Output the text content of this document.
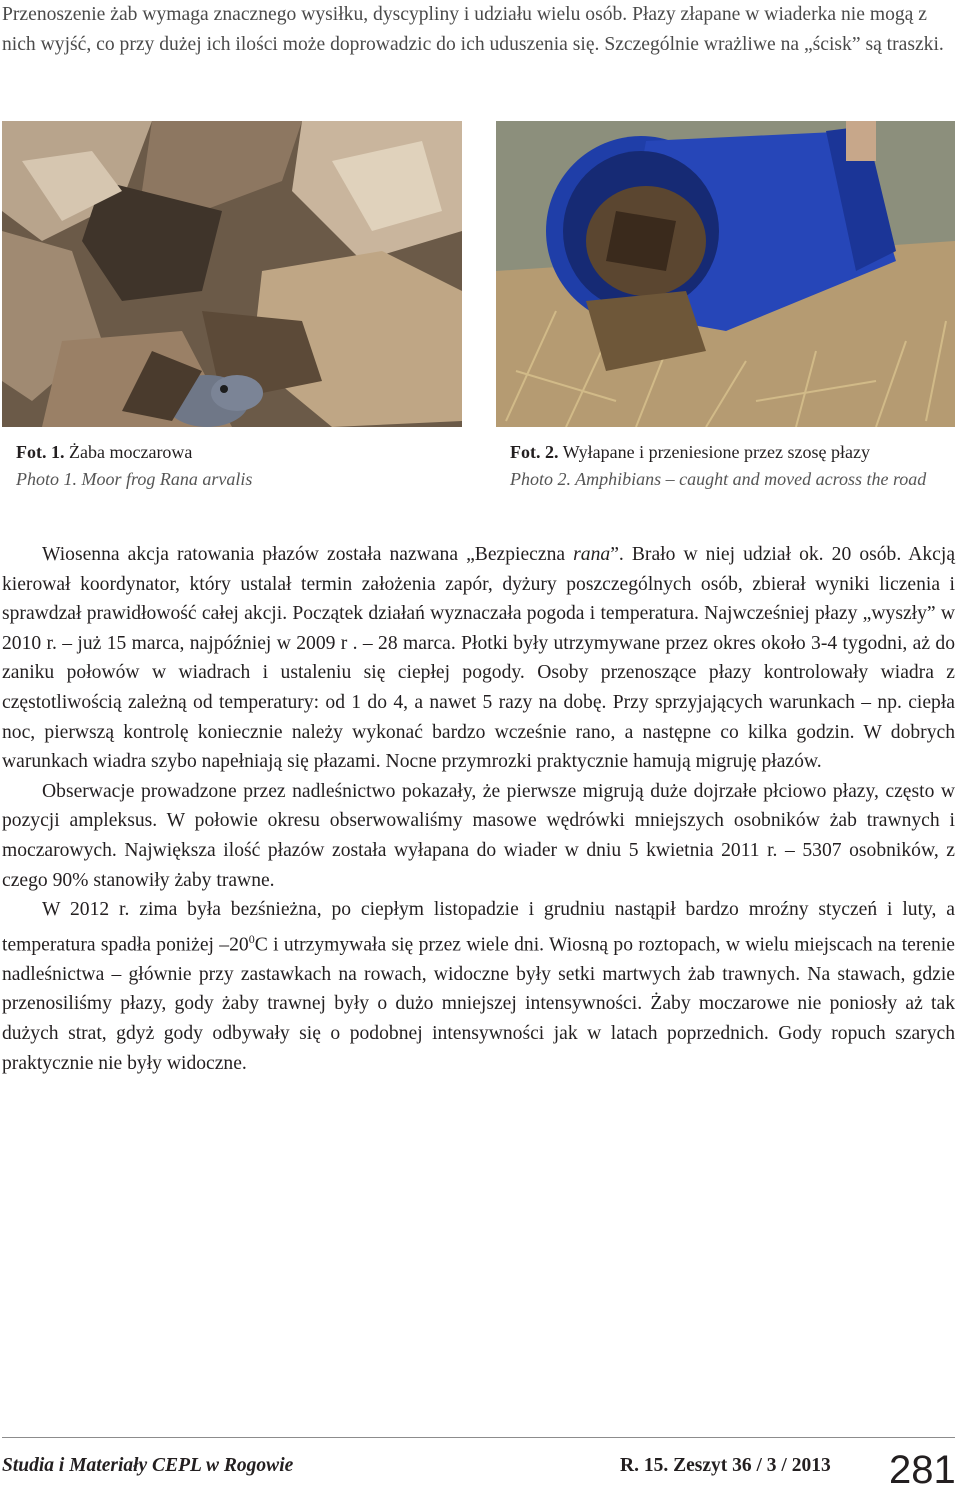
Przenoszenie żab wymaga znacznego wysiłku, dyscypliny i udziału wielu osób. Płazy złapane w wiaderka nie mogą z nich wyjść, co przy dużej ich ilości może doprowadzic do ich uduszenia się. Szczególnie wrażliwe na „ścisk” są traszki.

Fot. 1. Żaba moczarowa
Photo 1. Moor frog Rana arvalis
Fot. 2. Wyłapane i przeniesione przez szosę płazy
Photo 2. Amphibians – caught and moved across the road

Wiosenna akcja ratowania płazów została nazwana „Bezpieczna rana”. Brało w niej udział ok. 20 osób. Akcją kierował koordynator, który ustalał termin założenia zapór, dyżury poszczególnych osób, zbierał wyniki liczenia i sprawdzał prawidłowość całej akcji. Początek działań wyznaczała pogoda i temperatura. Najwcześniej płazy „wyszły” w 2010 r. – już 15 marca, najpóźniej w 2009 r . – 28 marca. Płotki były utrzymywane przez okres około 3-4 tygodni, aż do zaniku połowów w wiadrach i ustaleniu się ciepłej pogody. Osoby przenoszące płazy kontrolowały wiadra z częstotliwością zależną od temperatury: od 1 do 4, a nawet 5 razy na dobę. Przy sprzyjających warunkach – np. ciepła noc, pierwszą kontrolę koniecznie należy wykonać bardzo wcześnie rano, a następne co kilka godzin. W dobrych warunkach wiadra szybo napełniają się płazami. Nocne przymrozki praktycznie hamują migruję płazów.

Obserwacje prowadzone przez nadleśnictwo pokazały, że pierwsze migrują duże dojrzałe płciowo płazy, często w pozycji ampleksus. W połowie okresu obserwowaliśmy masowe wędrówki mniejszych osobników żab trawnych i moczarowych. Największa ilość płazów została wyłapana do wiader w dniu 5 kwietnia 2011 r. – 5307 osobników, z czego 90% stanowiły żaby trawne.

W 2012 r. zima była bezśnieżna, po ciepłym listopadzie i grudniu nastąpił bardzo mroźny styczeń i luty, a temperatura spadła poniżej $-20^0C$ i utrzymywała się przez wiele dni. Wiosną po roztopach, w wielu miejscach na terenie nadleśnictwa – głównie przy zastawkach na rowach, widoczne były setki martwych żab trawnych. Na stawach, gdzie przenosiliśmy płazy, gody żaby trawnej były o dużo mniejszej intensywności. Żaby moczarowe nie poniosły aż tak dużych strat, gdyż gody odbywały się o podobnej intensywności jak w latach poprzednich. Gody ropuch szarych praktycznie nie były widoczne.

Studia i Materiały CEPL w Rogowie	R. 15. Zeszyt 36 / 3 / 2013 281
